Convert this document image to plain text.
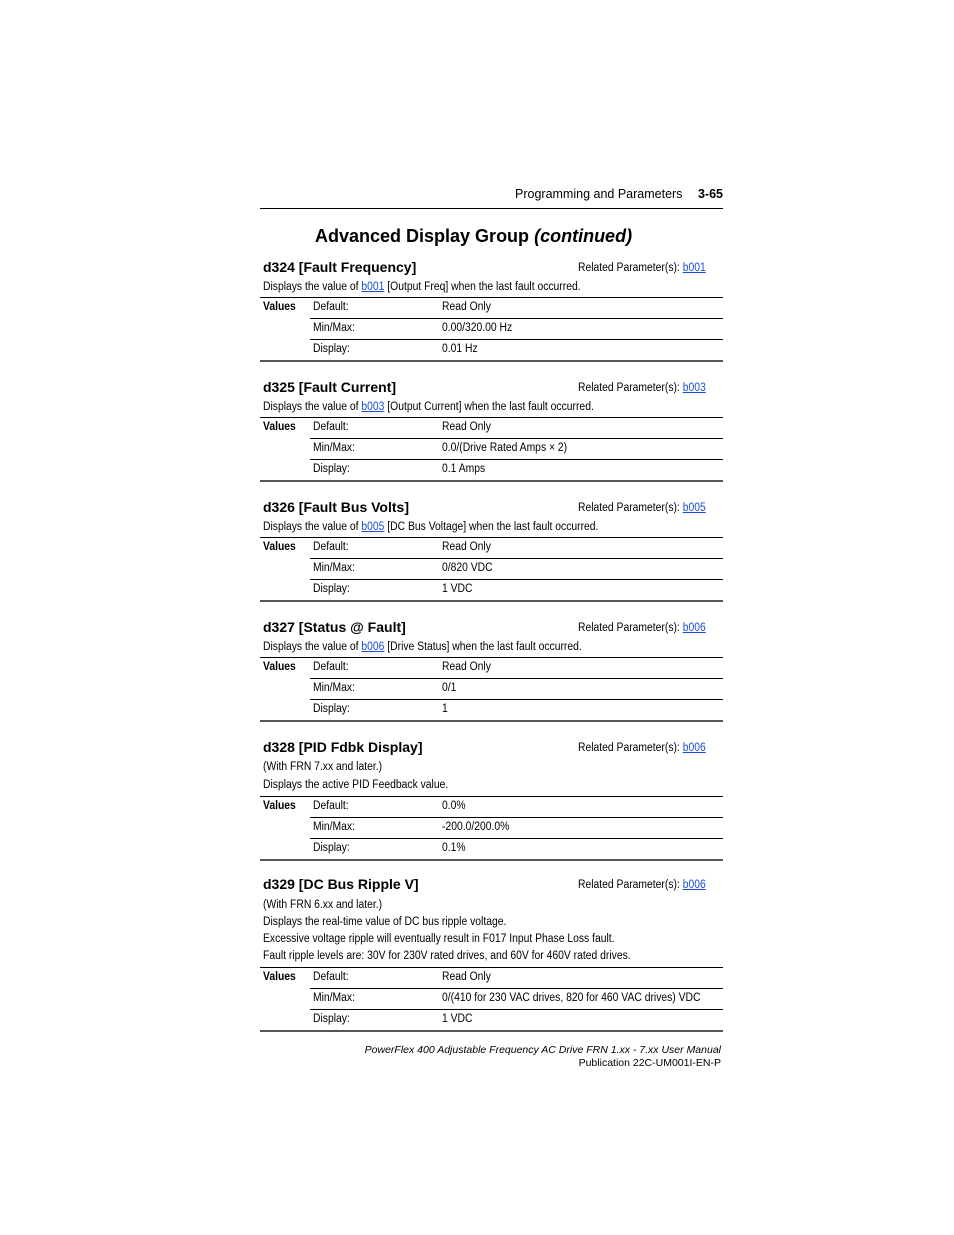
Programming and Parameters 3-65
Advanced Display Group (continued)
d324 [Fault Frequency]	Related Parameter(s): b001
Displays the value of b001 [Output Freq] when the last fault occurred.
Values	Default:	Read Only
Min/Max:	0.00/320.00 Hz
Display:	0.01 Hz
d325 [Fault Current]	Related Parameter(s): b003
Displays the value of b003 [Output Current] when the last fault occurred.
Values	Default:	Read Only
Min/Max:	0.0/(Drive Rated Amps × 2)
Display:	0.1 Amps
d326 [Fault Bus Volts]	Related Parameter(s): b005
Displays the value of b005 [DC Bus Voltage] when the last fault occurred.
Values	Default:	Read Only
Min/Max:	0/820 VDC
Display:	1 VDC
d327 [Status @ Fault]	Related Parameter(s): b006
Displays the value of b006 [Drive Status] when the last fault occurred.
Values	Default:	Read Only
Min/Max:	0/1
Display:	1
d328 [PID Fdbk Display]	Related Parameter(s): b006
(With FRN 7.xx and later.)
Displays the active PID Feedback value.
Values	Default:	0.0%
Min/Max:	-200.0/200.0%
Display:	0.1%
d329 [DC Bus Ripple V]	Related Parameter(s): b006
(With FRN 6.xx and later.)
Displays the real-time value of DC bus ripple voltage.
Excessive voltage ripple will eventually result in F017 Input Phase Loss fault.
Fault ripple levels are: 30V for 230V rated drives, and 60V for 460V rated drives.
Values	Default:	Read Only
Min/Max:	0/(410 for 230 VAC drives, 820 for 460 VAC drives) VDC
Display:	1 VDC
PowerFlex 400 Adjustable Frequency AC Drive FRN 1.xx - 7.xx User Manual
Publication 22C-UM001I-EN-P
